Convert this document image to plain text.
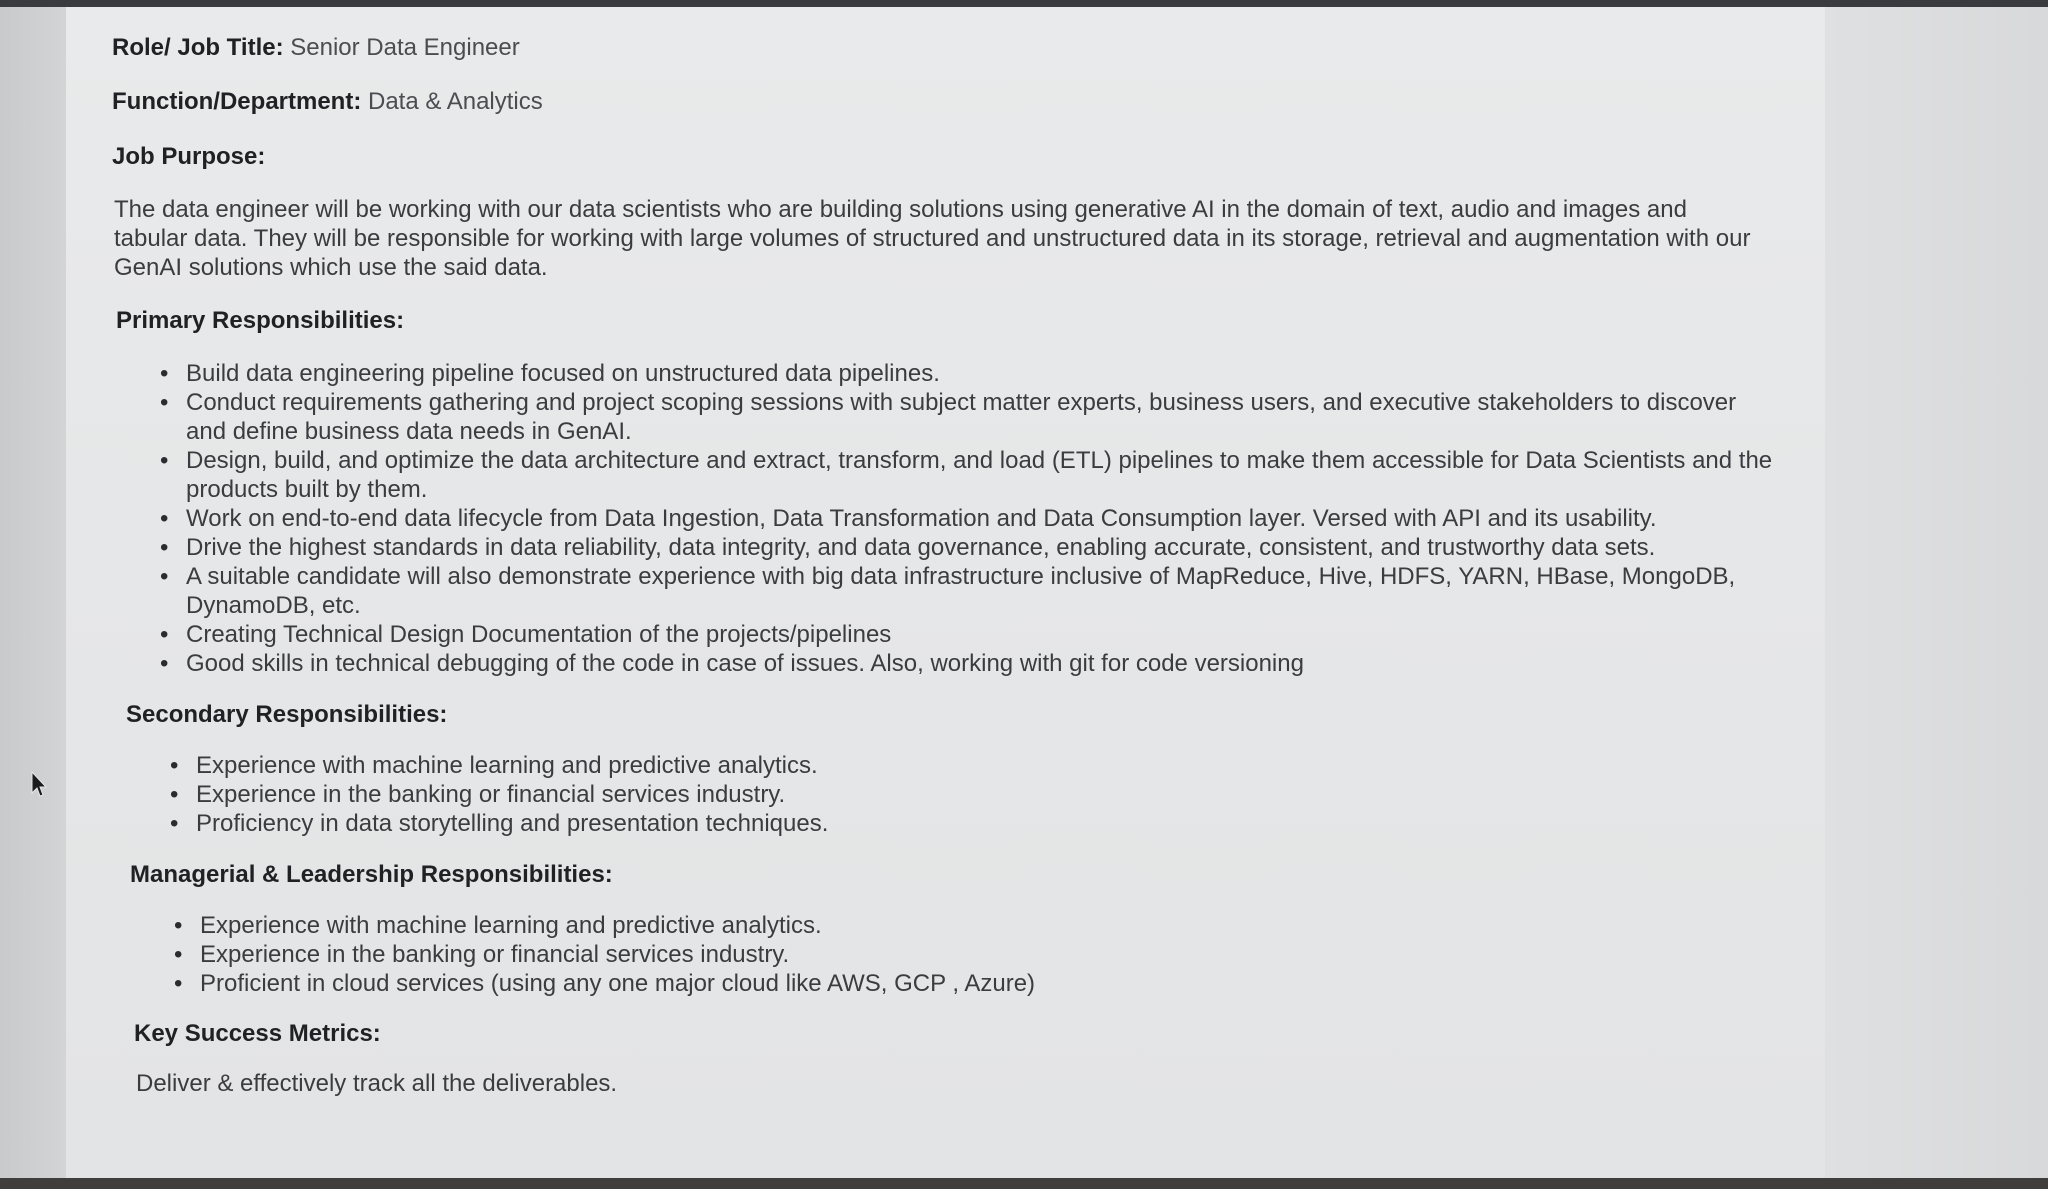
Role/ Job Title: Senior Data Engineer

Function/Department: Data & Analytics

Job Purpose:

The data engineer will be working with our data scientists who are building solutions using generative AI in the domain of text, audio and images and tabular data. They will be responsible for working with large volumes of structured and unstructured data in its storage, retrieval and augmentation with our GenAI solutions which use the said data.

Primary Responsibilities:

• Build data engineering pipeline focused on unstructured data pipelines.
• Conduct requirements gathering and project scoping sessions with subject matter experts, business users, and executive stakeholders to discover and define business data needs in GenAI.
• Design, build, and optimize the data architecture and extract, transform, and load (ETL) pipelines to make them accessible for Data Scientists and the products built by them.
• Work on end-to-end data lifecycle from Data Ingestion, Data Transformation and Data Consumption layer. Versed with API and its usability.
• Drive the highest standards in data reliability, data integrity, and data governance, enabling accurate, consistent, and trustworthy data sets.
• A suitable candidate will also demonstrate experience with big data infrastructure inclusive of MapReduce, Hive, HDFS, YARN, HBase, MongoDB, DynamoDB, etc.
• Creating Technical Design Documentation of the projects/pipelines
• Good skills in technical debugging of the code in case of issues. Also, working with git for code versioning

Secondary Responsibilities:

• Experience with machine learning and predictive analytics.
• Experience in the banking or financial services industry.
• Proficiency in data storytelling and presentation techniques.

Managerial & Leadership Responsibilities:

• Experience with machine learning and predictive analytics.
• Experience in the banking or financial services industry.
• Proficient in cloud services (using any one major cloud like AWS, GCP , Azure)

Key Success Metrics:

Deliver & effectively track all the deliverables.
